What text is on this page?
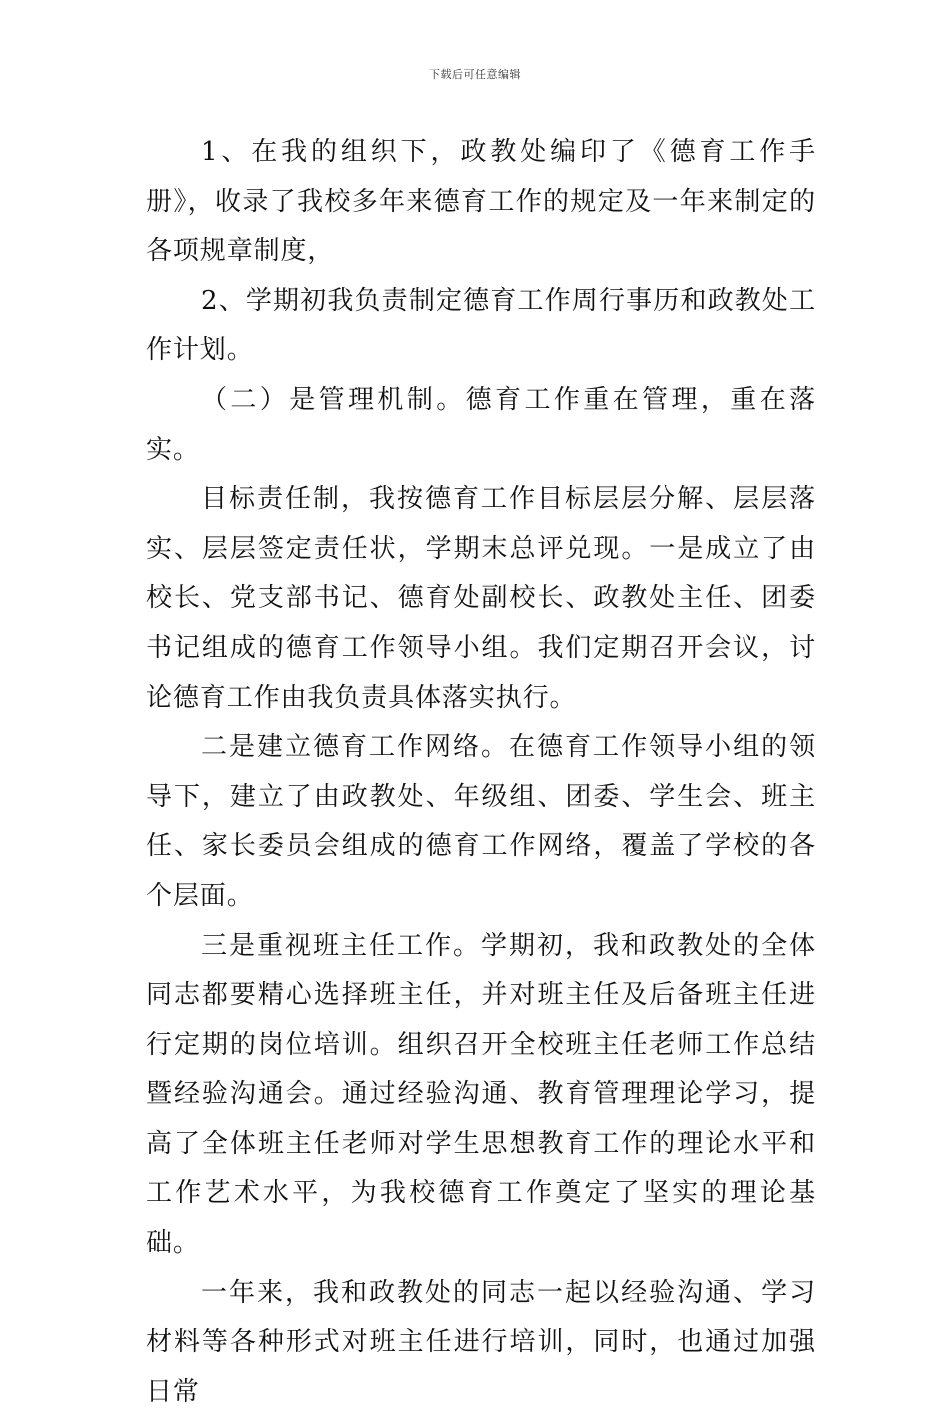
下载后可任意编辑

1、在我的组织下，政教处编印了《德育工作手册》，收录了我校多年来德育工作的规定及一年来制定的各项规章制度，

2、学期初我负责制定德育工作周行事历和政教处工作计划。

（二）是管理机制。德育工作重在管理，重在落实。

目标责任制，我按德育工作目标层层分解、层层落实、层层签定责任状，学期末总评兑现。一是成立了由校长、党支部书记、德育处副校长、政教处主任、团委书记组成的德育工作领导小组。我们定期召开会议，讨论德育工作由我负责具体落实执行。

二是建立德育工作网络。在德育工作领导小组的领导下，建立了由政教处、年级组、团委、学生会、班主任、家长委员会组成的德育工作网络，覆盖了学校的各个层面。

三是重视班主任工作。学期初，我和政教处的全体同志都要精心选择班主任，并对班主任及后备班主任进行定期的岗位培训。组织召开全校班主任老师工作总结暨经验沟通会。通过经验沟通、教育管理理论学习，提高了全体班主任老师对学生思想教育工作的理论水平和工作艺术水平，为我校德育工作奠定了坚实的理论基础。

一年来，我和政教处的同志一起以经验沟通、学习材料等各种形式对班主任进行培训，同时，也通过加强日常
